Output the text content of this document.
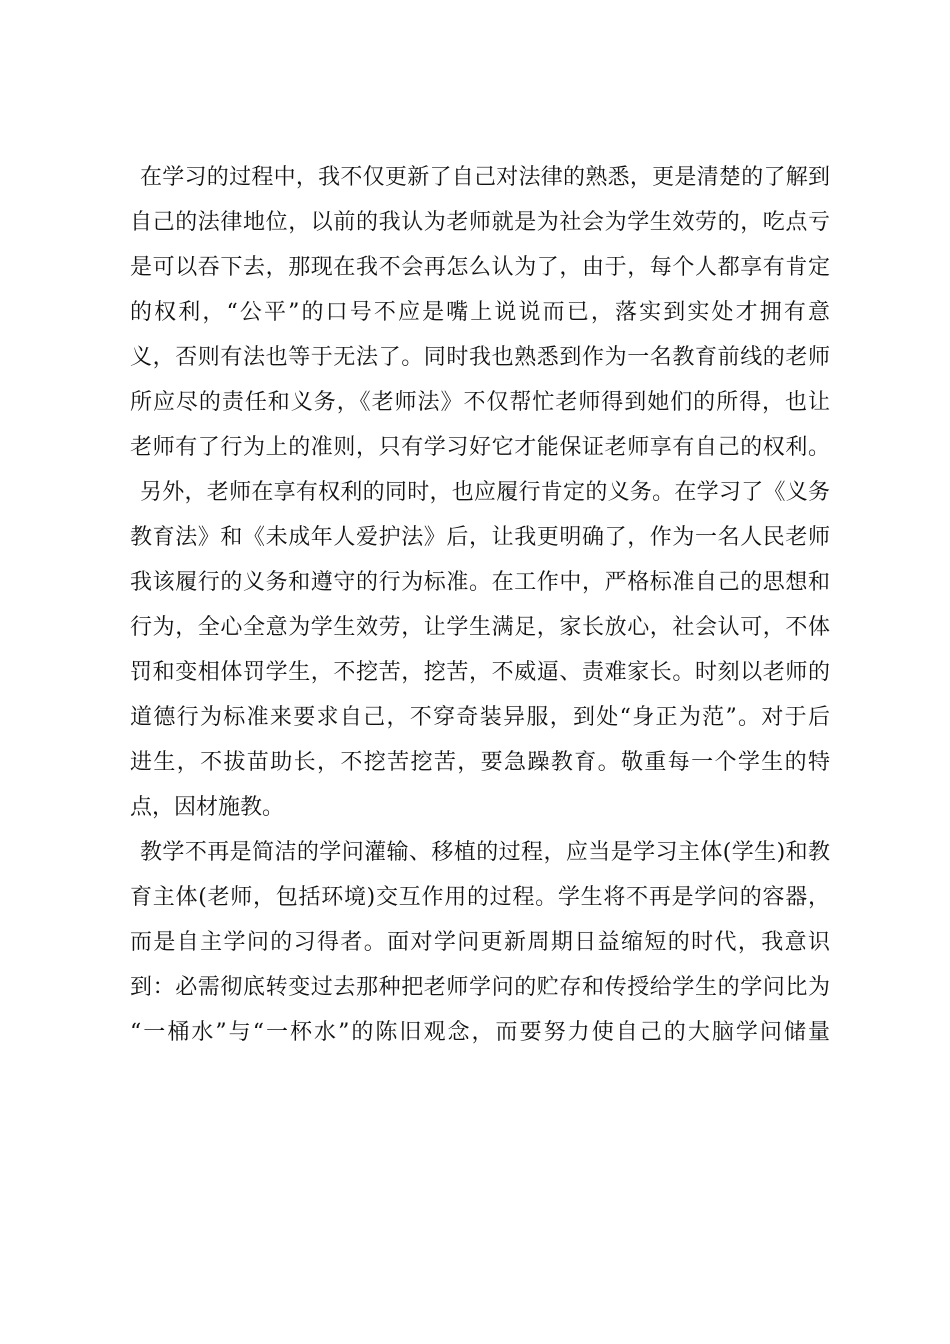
在学习的过程中，我不仅更新了自己对法律的熟悉，更是清楚的了解到
自己的法律地位，以前的我认为老师就是为社会为学生效劳的，吃点亏
是可以吞下去，那现在我不会再怎么认为了，由于，每个人都享有肯定
的权利，“公平”的口号不应是嘴上说说而已，落实到实处才拥有意
义，否则有法也等于无法了。同时我也熟悉到作为一名教育前线的老师
所应尽的责任和义务，《老师法》不仅帮忙老师得到她们的所得，也让
老师有了行为上的准则，只有学习好它才能保证老师享有自己的权利。
另外，老师在享有权利的同时，也应履行肯定的义务。在学习了《义务
教育法》和《未成年人爱护法》后，让我更明确了，作为一名人民老师
我该履行的义务和遵守的行为标准。在工作中，严格标准自己的思想和
行为，全心全意为学生效劳，让学生满足，家长放心，社会认可，不体
罚和变相体罚学生，不挖苦，挖苦，不威逼、责难家长。时刻以老师的
道德行为标准来要求自己，不穿奇装异服，到处“身正为范”。对于后
进生，不拔苗助长，不挖苦挖苦，要急躁教育。敬重每一个学生的特
点，因材施教。
教学不再是简洁的学问灌输、移植的过程，应当是学习主体(学生)和教
育主体(老师，包括环境)交互作用的过程。学生将不再是学问的容器，
而是自主学问的习得者。面对学问更新周期日益缩短的时代，我意识
到：必需彻底转变过去那种把老师学问的贮存和传授给学生的学问比为
“一桶水”与“一杯水”的陈旧观念，而要努力使自己的大脑学问储量
